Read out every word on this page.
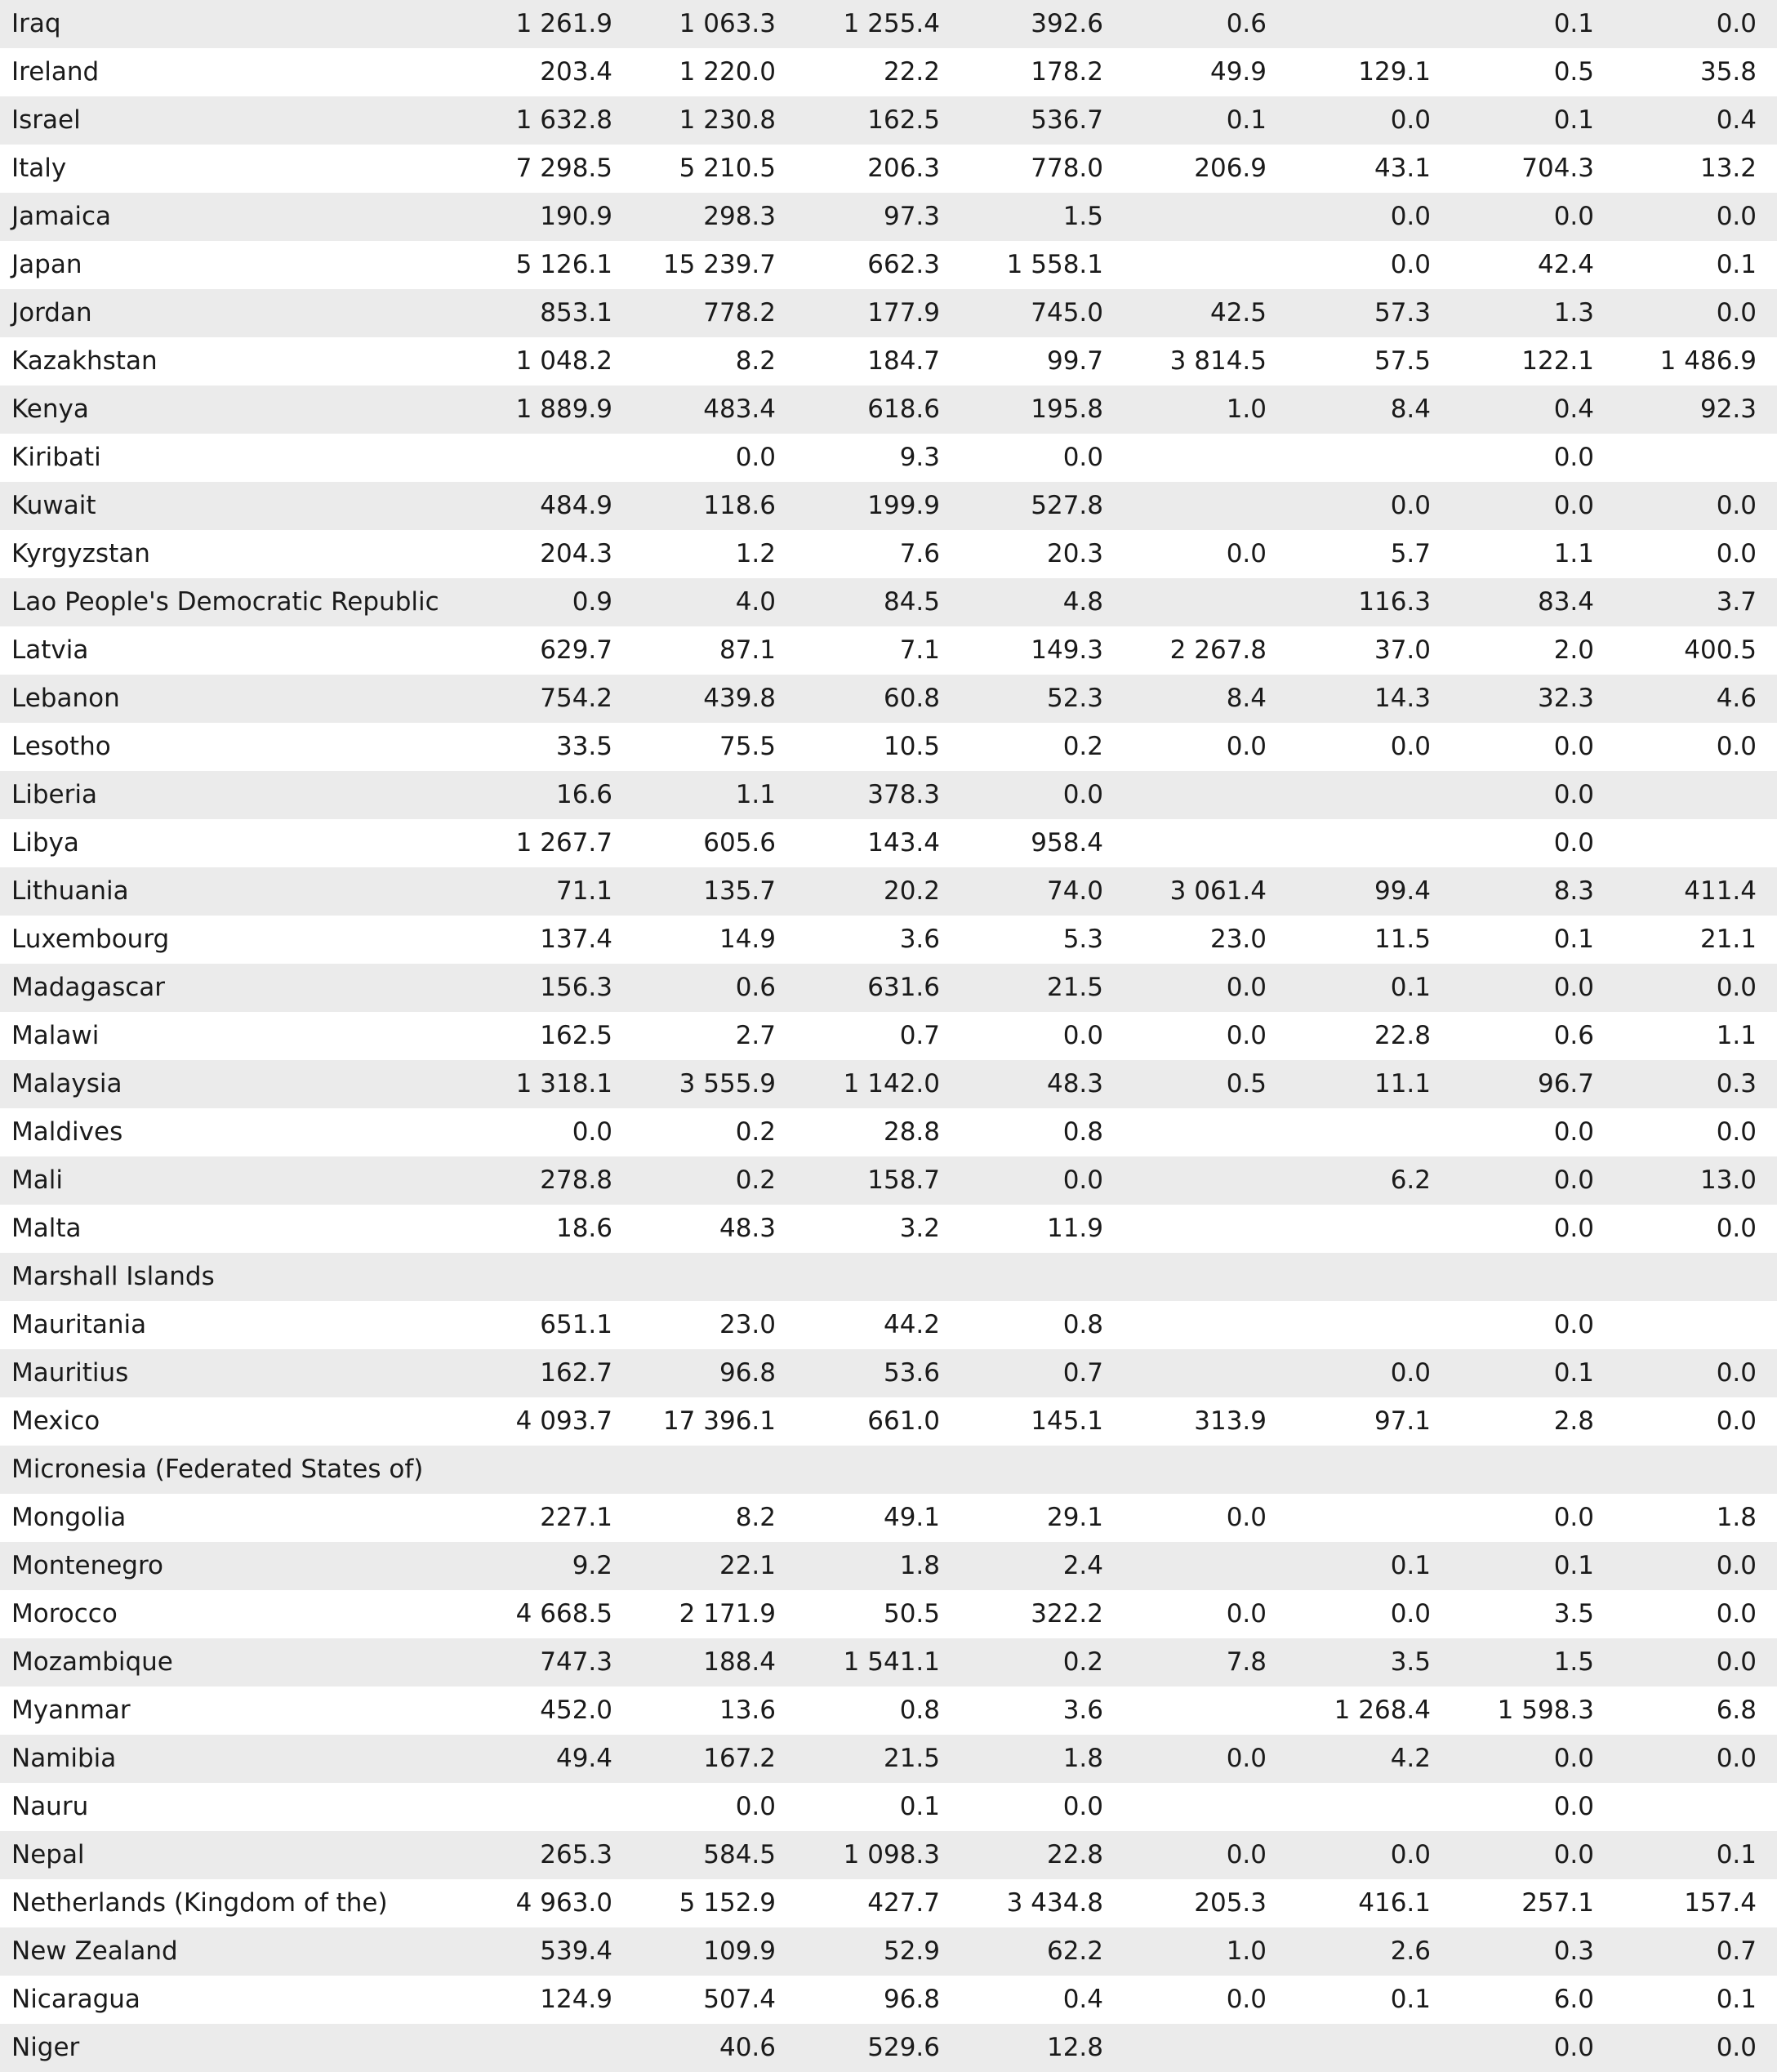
Iraq	1 261.9	1 063.3	1 255.4	392.6	0.6		0.1	0.0
Ireland	203.4	1 220.0	22.2	178.2	49.9	129.1	0.5	35.8
Israel	1 632.8	1 230.8	162.5	536.7	0.1	0.0	0.1	0.4
Italy	7 298.5	5 210.5	206.3	778.0	206.9	43.1	704.3	13.2
Jamaica	190.9	298.3	97.3	1.5		0.0	0.0	0.0
Japan	5 126.1	15 239.7	662.3	1 558.1		0.0	42.4	0.1
Jordan	853.1	778.2	177.9	745.0	42.5	57.3	1.3	0.0
Kazakhstan	1 048.2	8.2	184.7	99.7	3 814.5	57.5	122.1	1 486.9
Kenya	1 889.9	483.4	618.6	195.8	1.0	8.4	0.4	92.3
Kiribati		0.0	9.3	0.0			0.0	
Kuwait	484.9	118.6	199.9	527.8		0.0	0.0	0.0
Kyrgyzstan	204.3	1.2	7.6	20.3	0.0	5.7	1.1	0.0
Lao People's Democratic Republic	0.9	4.0	84.5	4.8		116.3	83.4	3.7
Latvia	629.7	87.1	7.1	149.3	2 267.8	37.0	2.0	400.5
Lebanon	754.2	439.8	60.8	52.3	8.4	14.3	32.3	4.6
Lesotho	33.5	75.5	10.5	0.2	0.0	0.0	0.0	0.0
Liberia	16.6	1.1	378.3	0.0			0.0	
Libya	1 267.7	605.6	143.4	958.4			0.0	
Lithuania	71.1	135.7	20.2	74.0	3 061.4	99.4	8.3	411.4
Luxembourg	137.4	14.9	3.6	5.3	23.0	11.5	0.1	21.1
Madagascar	156.3	0.6	631.6	21.5	0.0	0.1	0.0	0.0
Malawi	162.5	2.7	0.7	0.0	0.0	22.8	0.6	1.1
Malaysia	1 318.1	3 555.9	1 142.0	48.3	0.5	11.1	96.7	0.3
Maldives	0.0	0.2	28.8	0.8			0.0	0.0
Mali	278.8	0.2	158.7	0.0		6.2	0.0	13.0
Malta	18.6	48.3	3.2	11.9			0.0	0.0
Marshall Islands								
Mauritania	651.1	23.0	44.2	0.8			0.0	
Mauritius	162.7	96.8	53.6	0.7		0.0	0.1	0.0
Mexico	4 093.7	17 396.1	661.0	145.1	313.9	97.1	2.8	0.0
Micronesia (Federated States of)								
Mongolia	227.1	8.2	49.1	29.1	0.0		0.0	1.8
Montenegro	9.2	22.1	1.8	2.4		0.1	0.1	0.0
Morocco	4 668.5	2 171.9	50.5	322.2	0.0	0.0	3.5	0.0
Mozambique	747.3	188.4	1 541.1	0.2	7.8	3.5	1.5	0.0
Myanmar	452.0	13.6	0.8	3.6		1 268.4	1 598.3	6.8
Namibia	49.4	167.2	21.5	1.8	0.0	4.2	0.0	0.0
Nauru		0.0	0.1	0.0			0.0	
Nepal	265.3	584.5	1 098.3	22.8	0.0	0.0	0.0	0.1
Netherlands (Kingdom of the)	4 963.0	5 152.9	427.7	3 434.8	205.3	416.1	257.1	157.4
New Zealand	539.4	109.9	52.9	62.2	1.0	2.6	0.3	0.7
Nicaragua	124.9	507.4	96.8	0.4	0.0	0.1	6.0	0.1
Niger		40.6	529.6	12.8			0.0	0.0
